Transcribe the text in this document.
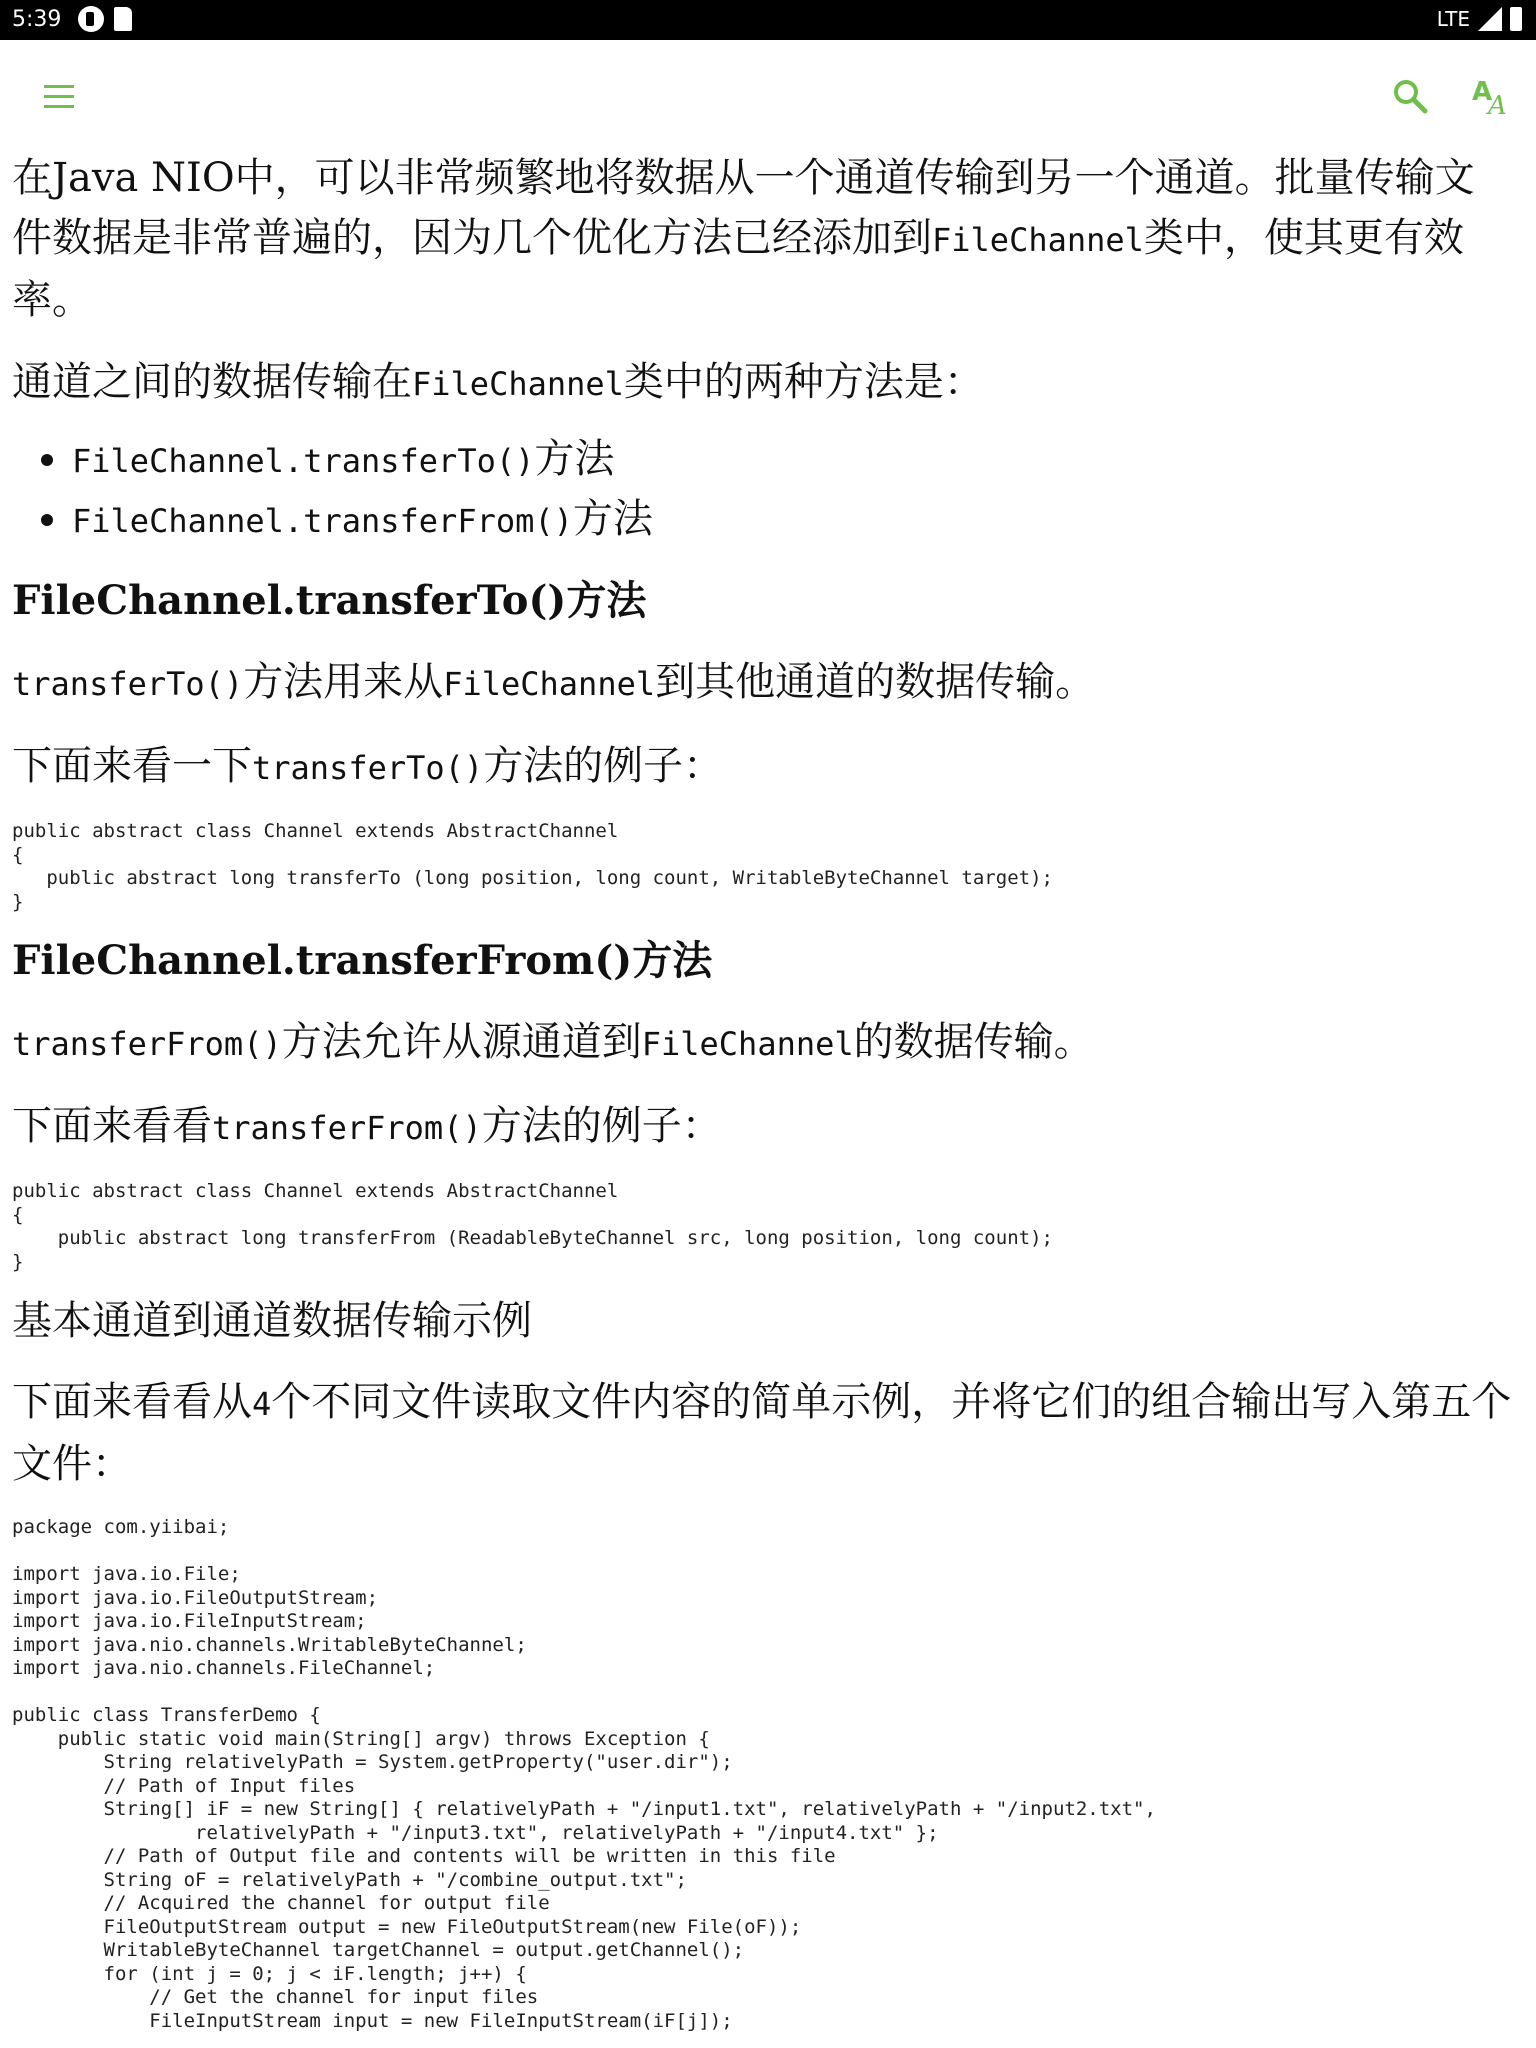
5:39	LTE
A
A

在Java NIO中，可以非常频繁地将数据从一个通道传输到另一个通道。批量传输文件数据是非常普遍的，因为几个优化方法已经添加到FileChannel类中，使其更有效率。

通道之间的数据传输在FileChannel类中的两种方法是：

• FileChannel.transferTo()方法
• FileChannel.transferFrom()方法
FileChannel.transferTo()方法

transferTo()方法用来从FileChannel到其他通道的数据传输。

下面来看一下transferTo()方法的例子：

public abstract class Channel extends AbstractChannel
{
public abstract long transferTo (long position, long count, WritableByteChannel target);
}
FileChannel.transferFrom()方法

transferFrom()方法允许从源通道到FileChannel的数据传输。

下面来看看transferFrom()方法的例子：

public abstract class Channel extends AbstractChannel
{
public abstract long transferFrom (ReadableByteChannel src, long position, long count);
}
基本通道到通道数据传输示例

下面来看看从4个不同文件读取文件内容的简单示例，并将它们的组合输出写入第五个文件：

package com.yiibai;

import java.io.File;
import java.io.FileOutputStream;
import java.io.FileInputStream;
import java.nio.channels.WritableByteChannel;
import java.nio.channels.FileChannel;

public class TransferDemo {
public static void main(String[] argv) throws Exception {
String relativelyPath = System.getProperty("user.dir");
// Path of Input files
String[] iF = new String[] { relativelyPath + "/input1.txt", relativelyPath + "/input2.txt",
relativelyPath + "/input3.txt", relativelyPath + "/input4.txt" };
// Path of Output file and contents will be written in this file
String oF = relativelyPath + "/combine_output.txt";
// Acquired the channel for output file
FileOutputStream output = new FileOutputStream(new File(oF));
WritableByteChannel targetChannel = output.getChannel();
for (int j = 0; j < iF.length; j++) {
// Get the channel for input files
FileInputStream input = new FileInputStream(iF[j]);
